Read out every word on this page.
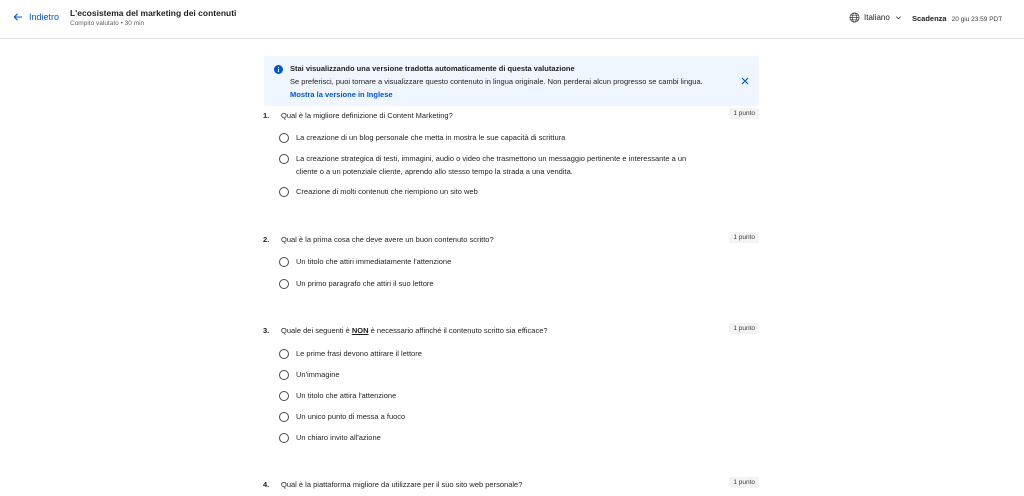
Indietro L'ecosistema del marketing dei contenuti
Compito valutato • 30 min
Italiano	Scadenza 20 giu 23:59 PDT
Stai visualizzando una versione tradotta automaticamente di questa valutazione
Se preferisci, puoi tornare a visualizzare questo contenuto in lingua originale. Non perderai alcun progresso se cambi lingua. Mostra la versione in Inglese
1. Qual è la migliore definizione di Content Marketing?	1 punto
La creazione di un blog personale che metta in mostra le sue capacità di scrittura
La creazione strategica di testi, immagini, audio o video che trasmettono un messaggio pertinente e interessante a un cliente o a un potenziale cliente, aprendo allo stesso tempo la strada a una vendita.
Creazione di molti contenuti che riempiono un sito web
2. Qual è la prima cosa che deve avere un buon contenuto scritto?	1 punto
Un titolo che attiri immediatamente l'attenzione
Un primo paragrafo che attiri il suo lettore
3. Quale dei seguenti è NON è necessario affinché il contenuto scritto sia efficace?	1 punto
Le prime frasi devono attirare il lettore
Un'immagine
Un titolo che attira l'attenzione
Un unico punto di messa a fuoco
Un chiaro invito all'azione
4. Qual è la piattaforma migliore da utilizzare per il suo sito web personale?	1 punto
